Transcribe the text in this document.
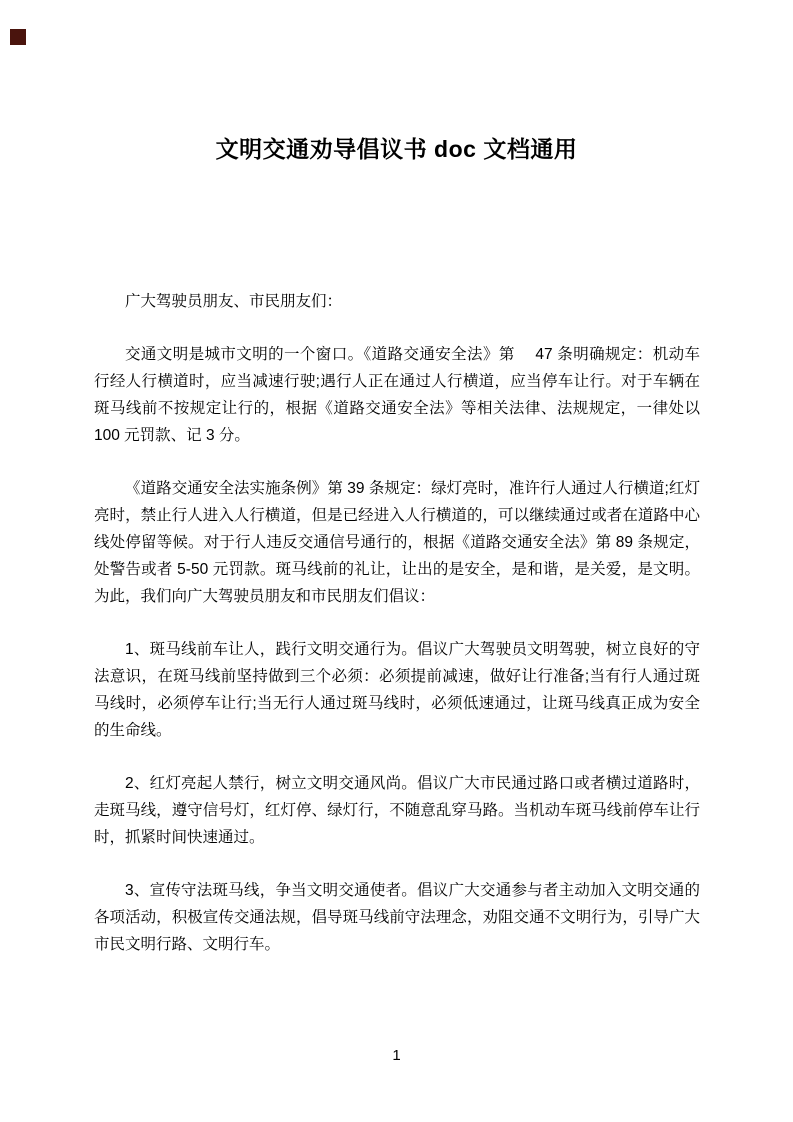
文明交通劝导倡议书 doc 文档通用

广大驾驶员朋友、市民朋友们：

交通文明是城市文明的一个窗口。《道路交通安全法》第　 47 条明确规定：机动车行经人行横道时，应当减速行驶;遇行人正在通过人行横道，应当停车让行。对于车辆在斑马线前不按规定让行的，根据《道路交通安全法》等相关法律、法规规定，一律处以 100 元罚款、记 3 分。

《道路交通安全法实施条例》第 39 条规定：绿灯亮时，准许行人通过人行横道;红灯亮时，禁止行人进入人行横道，但是已经进入人行横道的，可以继续通过或者在道路中心线处停留等候。对于行人违反交通信号通行的，根据《道路交通安全法》第 89 条规定，处警告或者 5-50 元罚款。斑马线前的礼让，让出的是安全，是和谐，是关爱，是文明。为此，我们向广大驾驶员朋友和市民朋友们倡议：

1、斑马线前车让人，践行文明交通行为。倡议广大驾驶员文明驾驶，树立良好的守法意识，在斑马线前坚持做到三个必须：必须提前减速，做好让行准备;当有行人通过斑马线时，必须停车让行;当无行人通过斑马线时，必须低速通过，让斑马线真正成为安全的生命线。

2、红灯亮起人禁行，树立文明交通风尚。倡议广大市民通过路口或者横过道路时，走斑马线，遵守信号灯，红灯停、绿灯行，不随意乱穿马路。当机动车斑马线前停车让行时，抓紧时间快速通过。

3、宣传守法斑马线，争当文明交通使者。倡议广大交通参与者主动加入文明交通的各项活动，积极宣传交通法规，倡导斑马线前守法理念，劝阻交通不文明行为，引导广大市民文明行路、文明行车。

1
